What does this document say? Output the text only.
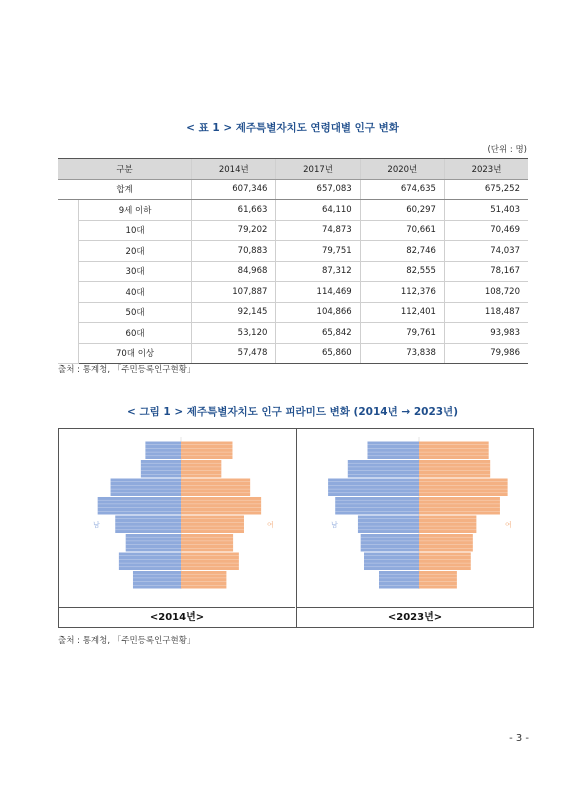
< 표 1 > 제주특별자치도 연령대별 인구 변화
(단위 : 명)
구분		2014년	2017년	2020년	2023년
합계		607,346	657,083	674,635	675,252
	9세 이하	61,663	64,110	60,297	51,403
	10대	79,202	74,873	70,661	70,469
	20대	70,883	79,751	82,746	74,037
	30대	84,968	87,312	82,555	78,167
	40대	107,887	114,469	112,376	108,720
	50대	92,145	104,866	112,401	118,487
	60대	53,120	65,842	79,761	93,983
	70대 이상	57,478	65,860	73,838	79,986
출처 : 통계청, 「주민등록인구현황」
< 그림 1 > 제주특별자치도 인구 피라미드 변화 (2014년 → 2023년)
남	여
<2014년>
남	여
<2023년>
출처 : 통계청, 「주민등록인구현황」
- 3 -
